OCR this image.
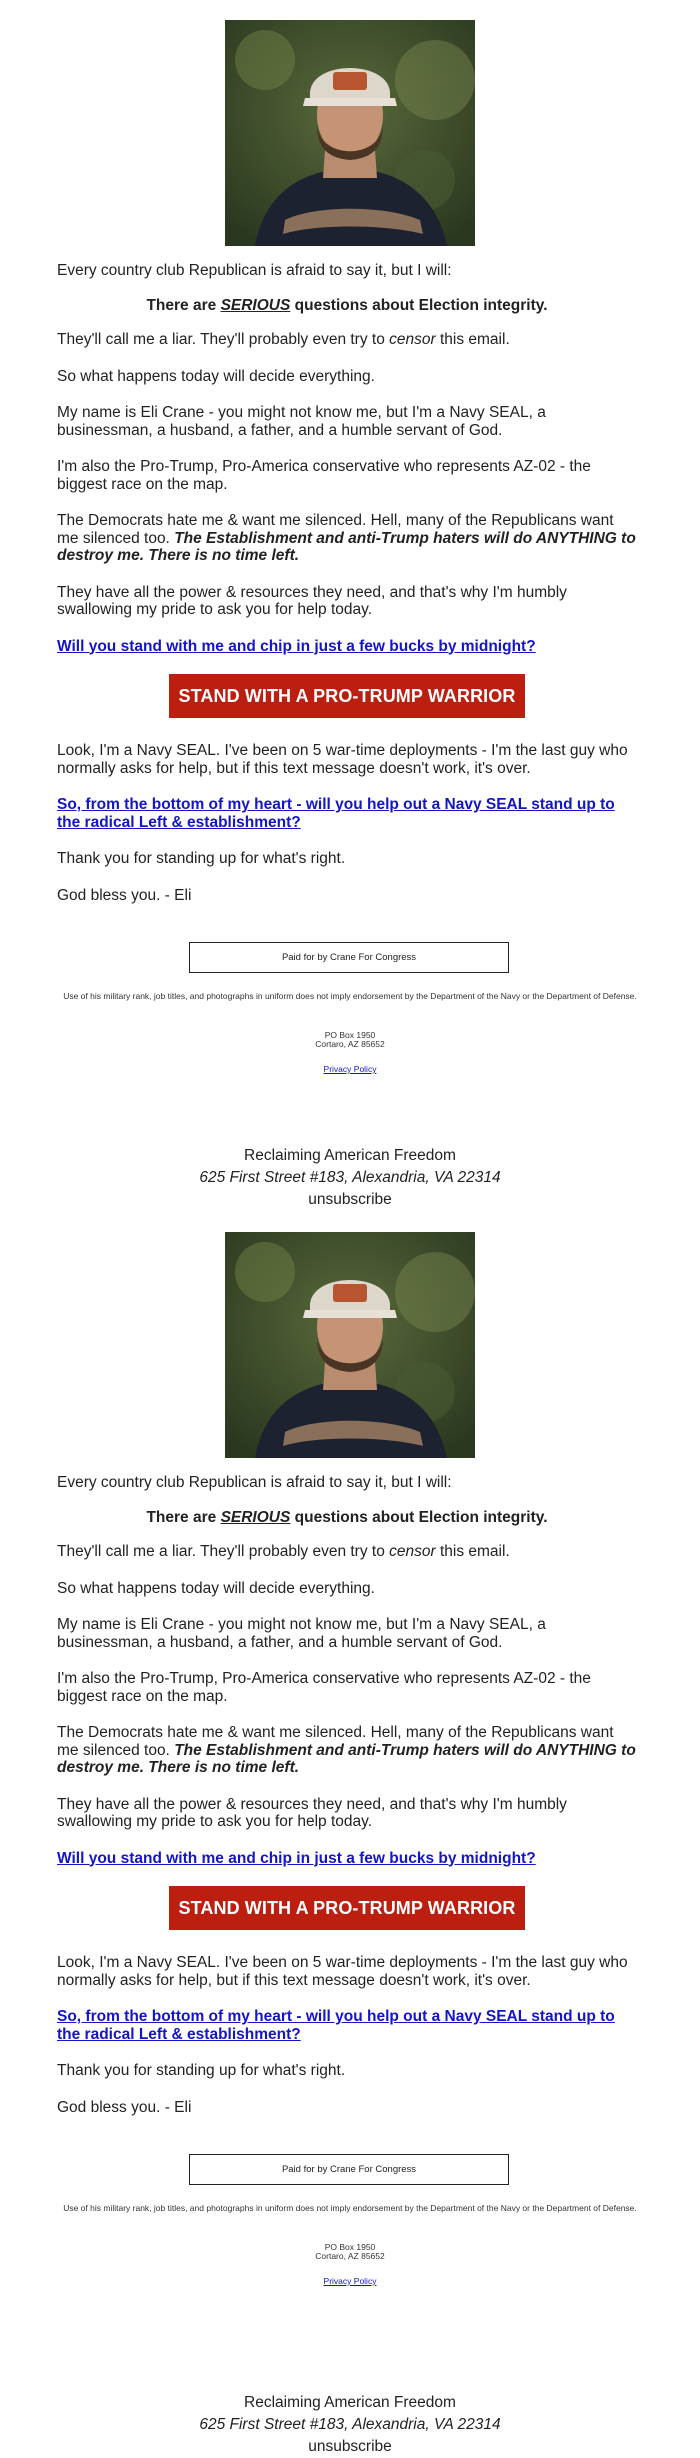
Every country club Republican is afraid to say it, but I will:

There are SERIOUS questions about Election integrity.

They'll call me a liar. They'll probably even try to censor this email.

So what happens today will decide everything.

My name is Eli Crane - you might not know me, but I'm a Navy SEAL, a businessman, a husband, a father, and a humble servant of God.

I'm also the Pro-Trump, Pro-America conservative who represents AZ-02 - the biggest race on the map.

The Democrats hate me & want me silenced. Hell, many of the Republicans want me silenced too. The Establishment and anti-Trump haters will do ANYTHING to destroy me. There is no time left.

They have all the power & resources they need, and that's why I'm humbly swallowing my pride to ask you for help today.

Will you stand with me and chip in just a few bucks by midnight?

STAND WITH A PRO-TRUMP WARRIOR

Look, I'm a Navy SEAL. I've been on 5 war-time deployments - I'm the last guy who normally asks for help, but if this text message doesn't work, it's over.

So, from the bottom of my heart - will you help out a Navy SEAL stand up to the radical Left & establishment?

Thank you for standing up for what's right.

God bless you. - Eli

Paid for by Crane For Congress
Use of his military rank, job titles, and photographs in uniform does not imply endorsement by the Department of the Navy or the Department of Defense.
PO Box 1950
Cortaro, AZ 85652
Privacy Policy
Reclaiming American Freedom
625 First Street #183, Alexandria, VA 22314
unsubscribe

Every country club Republican is afraid to say it, but I will:

There are SERIOUS questions about Election integrity.

They'll call me a liar. They'll probably even try to censor this email.

So what happens today will decide everything.

My name is Eli Crane - you might not know me, but I'm a Navy SEAL, a businessman, a husband, a father, and a humble servant of God.

I'm also the Pro-Trump, Pro-America conservative who represents AZ-02 - the biggest race on the map.

The Democrats hate me & want me silenced. Hell, many of the Republicans want me silenced too. The Establishment and anti-Trump haters will do ANYTHING to destroy me. There is no time left.

They have all the power & resources they need, and that's why I'm humbly swallowing my pride to ask you for help today.

Will you stand with me and chip in just a few bucks by midnight?

STAND WITH A PRO-TRUMP WARRIOR

Look, I'm a Navy SEAL. I've been on 5 war-time deployments - I'm the last guy who normally asks for help, but if this text message doesn't work, it's over.

So, from the bottom of my heart - will you help out a Navy SEAL stand up to the radical Left & establishment?

Thank you for standing up for what's right.

God bless you. - Eli

Paid for by Crane For Congress
Use of his military rank, job titles, and photographs in uniform does not imply endorsement by the Department of the Navy or the Department of Defense.
PO Box 1950
Cortaro, AZ 85652
Privacy Policy
Reclaiming American Freedom
625 First Street #183, Alexandria, VA 22314
unsubscribe
